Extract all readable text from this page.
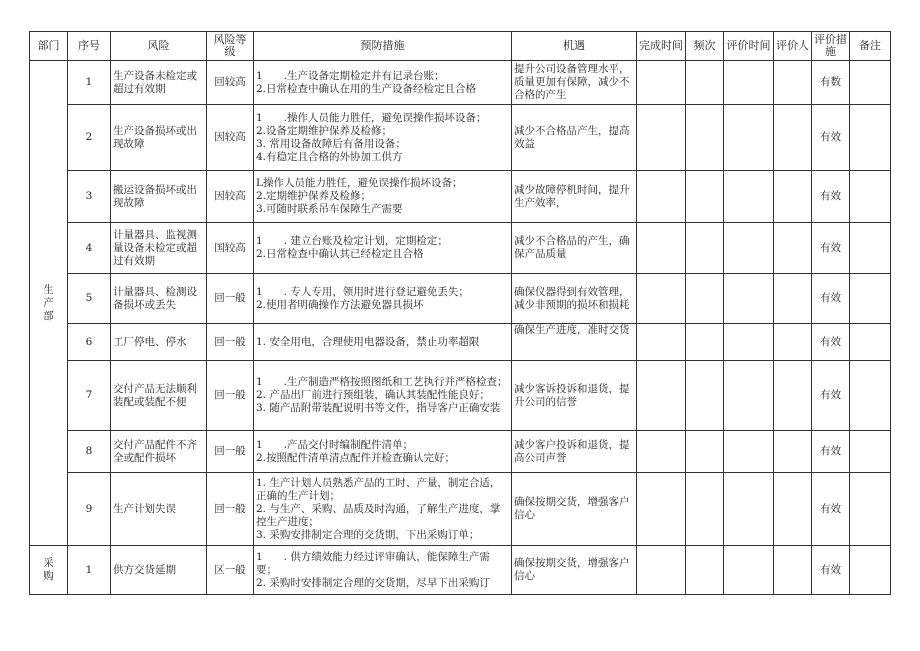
部门	序号	风险	风险等级	预防措施	机遇	完成时间	频次	评价时间	评价人	评价措施	备注

生
产
部	1	生产设备未检定或超过有效期	回较高	1　　.生产设备定期检定并有记录台账；
2.日常检查中确认在用的生产设备经检定且合格	提升公司设备管理水平，
质量更加有保障，减少不
合格的产生					有数	
	2	生产设备损坏或出现故障	因较高	1　　.操作人员能力胜任，避免误操作损坏设备；
2.设备定期维护保养及检修；
3. 常用设备故障后有备用设备；
4.有稳定且合格的外协加工供方	减少不合格品产生，提高
效益					有效	
	3	搬运设备损坏或出现故障	因较高	L操作人员能力胜任，避免误操作损坏设备；
2.定期维护保养及检修；
3.可随时联系吊车保障生产需要	减少故障停机时间，提升
生产效率，					有效	
	4	计量器具、监视测量设备未检定或超过有效期	国较高	1　　. 建立台账及检定计划，定期检定；
2.日常检查中确认其已经检定且合格	减少不合格品的产生，确
保产品质量					有效	
	5	计量器具、检测设备损坏或丢失	回一般	1　　. 专人专用，领用时进行登记避免丢失；
2.使用者明确操作方法避免器具损坏	确保仪器得到有效管理，
减少非预期的损坏和损耗					有效	
	6	工厂停电、停水	回一般	1. 安全用电，合理使用电器设备，禁止功率超限	确保生产进度，准时交货					有效	
	7	交付产品无法顺利装配或装配不便	回一般	1　　.生产制造严格按照图纸和工艺执行并严格检查；
2. 产品出厂前进行预组装，确认其装配性能良好；
3. 随产品附带装配说明书等文件，指导客户正确安装	减少客诉投诉和退货，提
升公司的信誉					有效	
	8	交付产品配件不齐全或配件损坏	回一般	1　　.产品交付时编制配件清单；
2.按照配件清单清点配件并检查确认完好；	减少客户投诉和退货，提
高公司声誉					有效	
	9	生产计划失误	回一般	1. 生产计划人员熟悉产品的工时、产量，制定合适，
正确的生产计划；
2. 与生产、采购、品质及时沟通，了解生产进度，掌
控生产进度；
3. 采购安排制定合理的交货期，下出采购订单；	确保按期交货，增强客户
信心					有效	

采
购	1	供方交货延期	区一般	1　　. 供方绩效能力经过评审确认，能保障生产需
要；
2. 采购时安排制定合理的交货期，尽早下出采购订	确保按期交货，增强客户
信心					有效	
